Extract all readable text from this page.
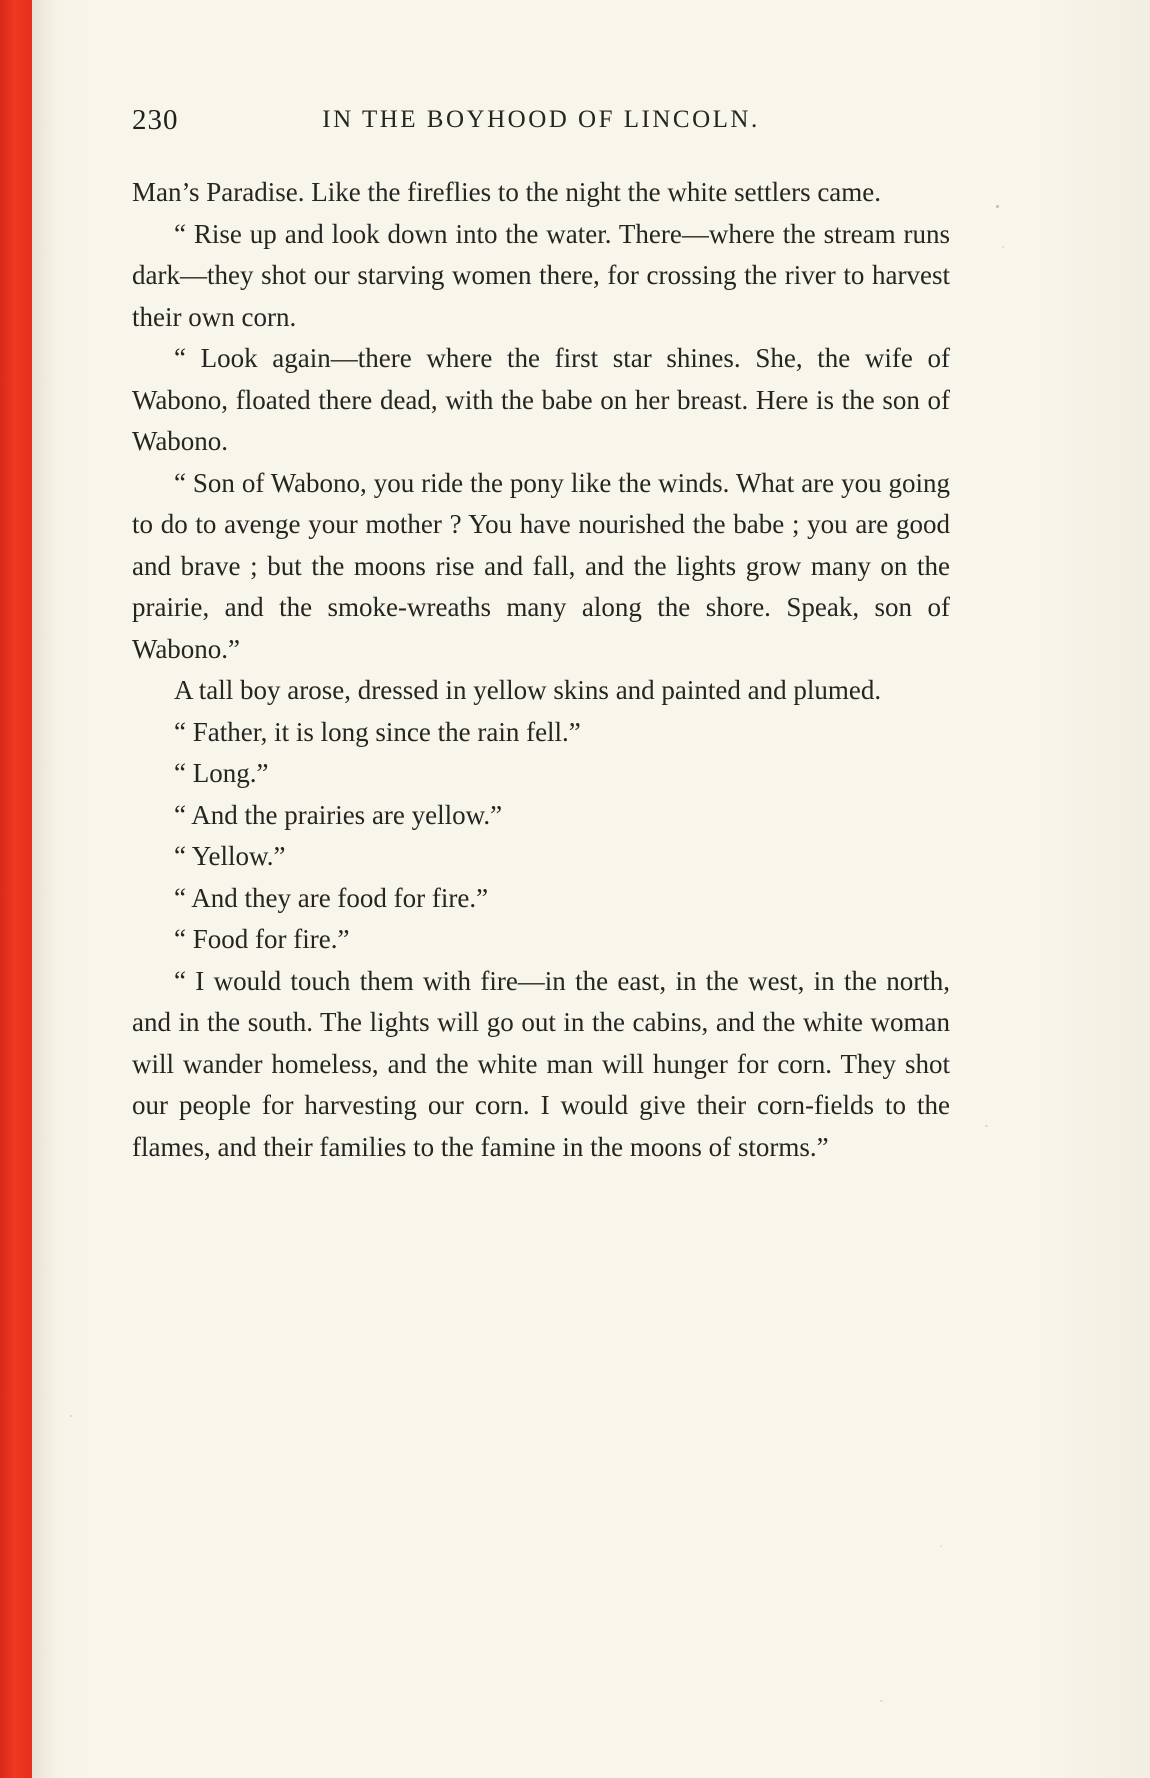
230	IN THE BOYHOOD OF LINCOLN.

Man’s Paradise. Like the fireflies to the night the white settlers came.

“ Rise up and look down into the water. There—where the stream runs dark—they shot our starving women there, for crossing the river to harvest their own corn.

“ Look again—there where the first star shines. She, the wife of Wabono, floated there dead, with the babe on her breast. Here is the son of Wabono.

“ Son of Wabono, you ride the pony like the winds. What are you going to do to avenge your mother ? You have nourished the babe ; you are good and brave ; but the moons rise and fall, and the lights grow many on the prairie, and the smoke-wreaths many along the shore. Speak, son of Wabono.”

A tall boy arose, dressed in yellow skins and painted and plumed.

“ Father, it is long since the rain fell.”

“ Long.”

“ And the prairies are yellow.”

“ Yellow.”

“ And they are food for fire.”

“ Food for fire.”

“ I would touch them with fire—in the east, in the west, in the north, and in the south. The lights will go out in the cabins, and the white woman will wander homeless, and the white man will hunger for corn. They shot our people for harvesting our corn. I would give their corn-fields to the flames, and their families to the famine in the moons of storms.”
